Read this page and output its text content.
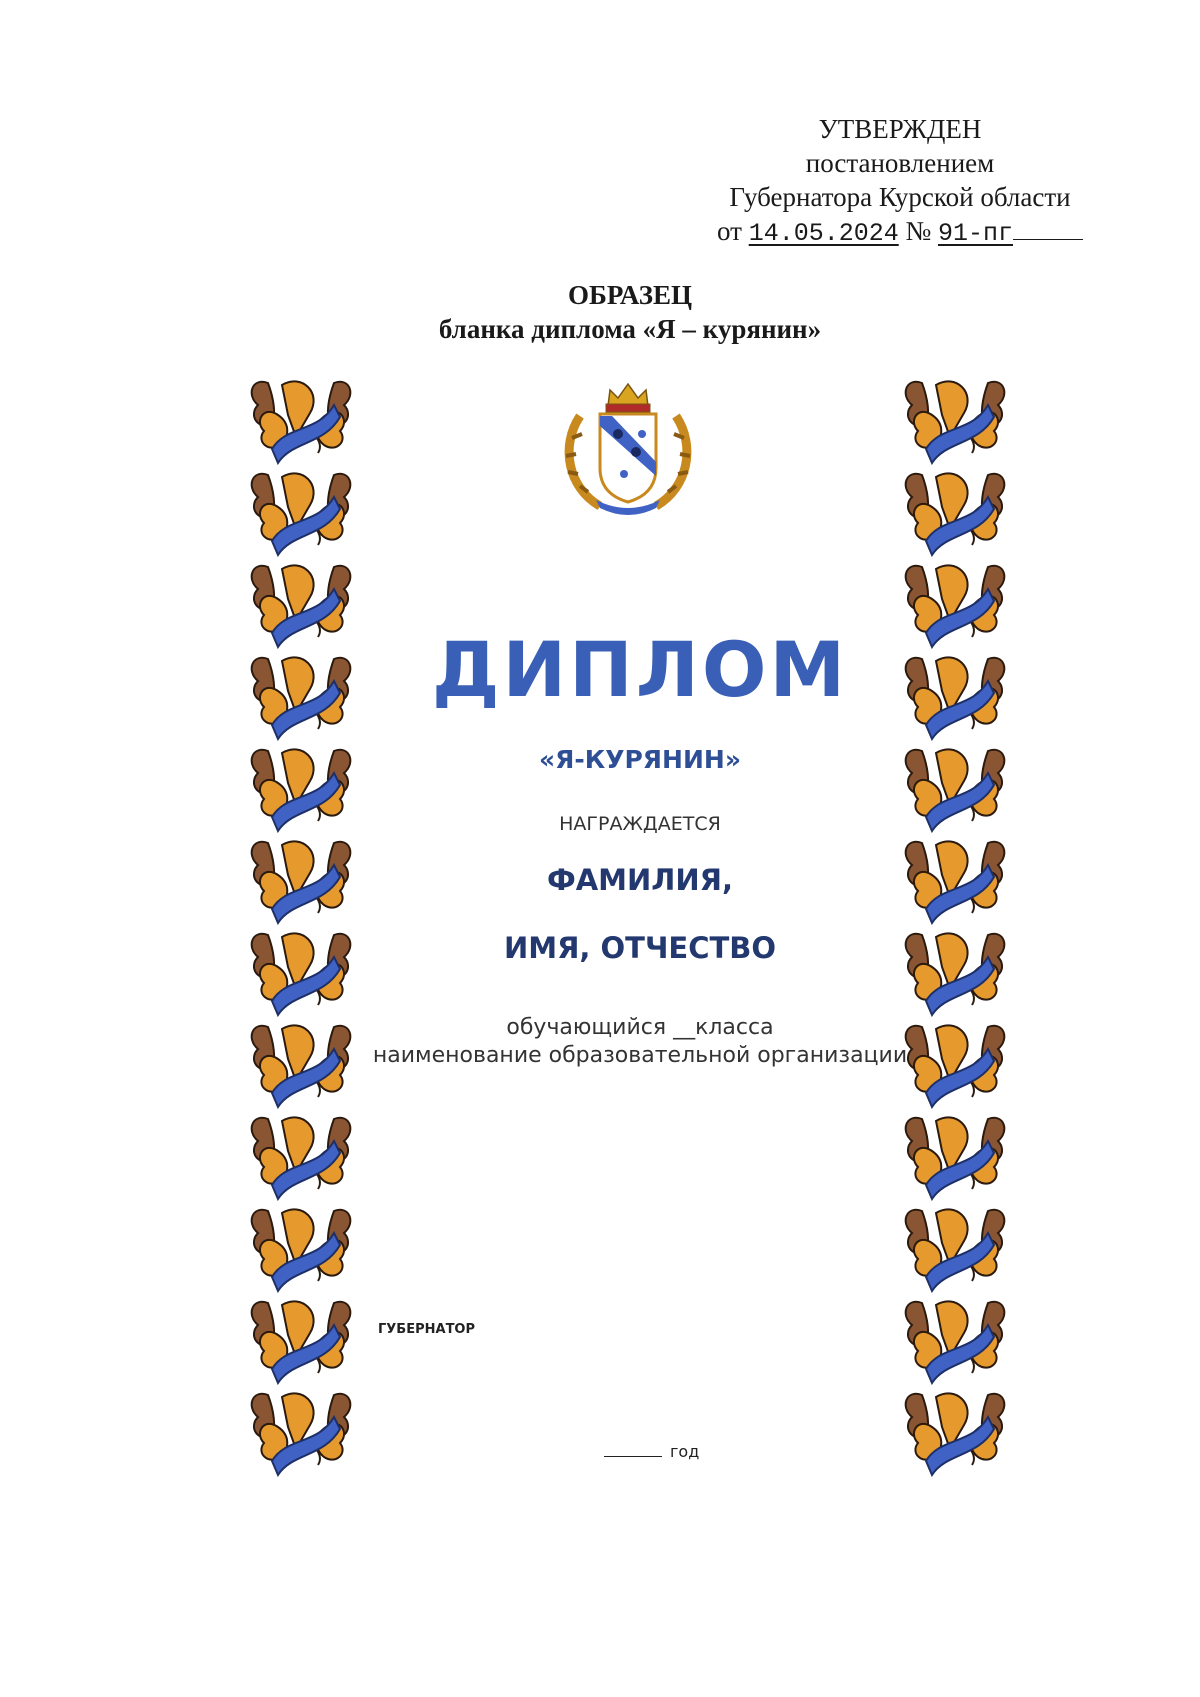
УТВЕРЖДЕН
постановлением
Губернатора Курской области
от 14.05.2024 № 91-пг
ОБРАЗЕЦ
бланка диплома «Я – курянин»
ДИПЛОМ
«Я-КУРЯНИН»
НАГРАЖДАЕТСЯ
ФАМИЛИЯ,
ИМЯ, ОТЧЕСТВО
обучающийся __класса
наименование образовательной организации
ГУБЕРНАТОР
год
